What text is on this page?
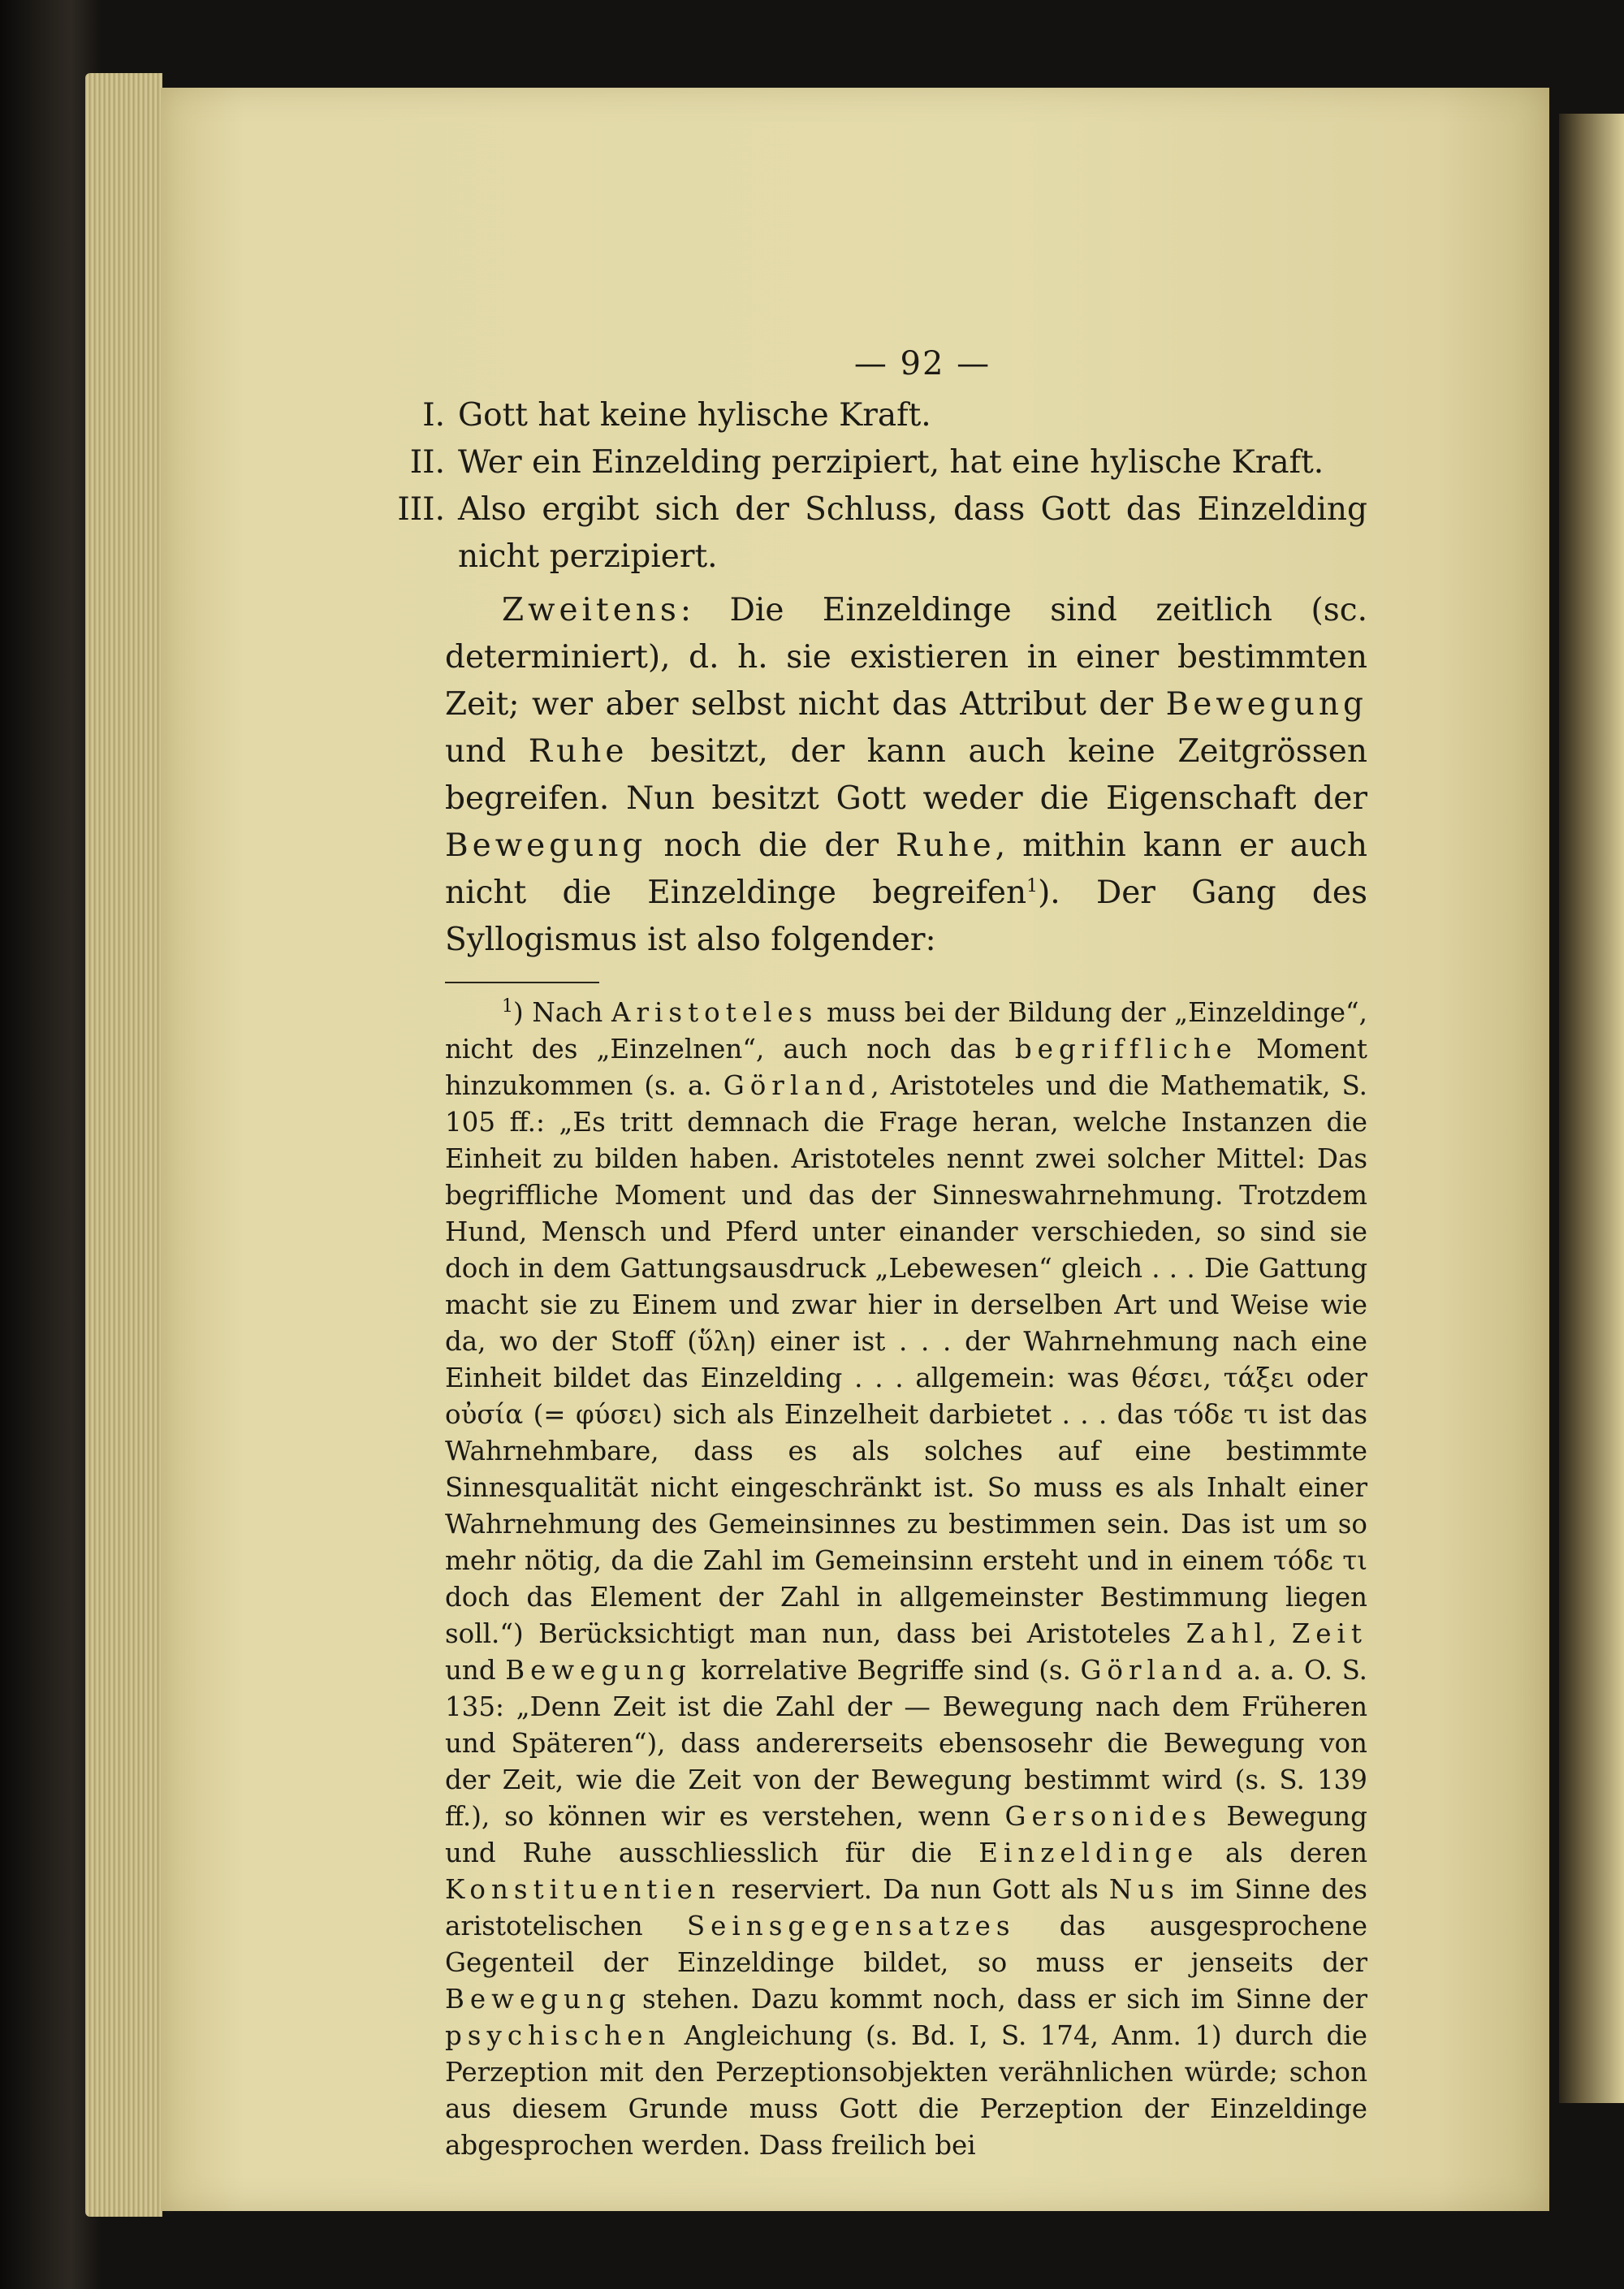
— 92 —
I. Gott hat keine hylische Kraft.
II. Wer ein Einzelding perzipiert, hat eine hylische Kraft.
III. Also ergibt sich der Schluss, dass Gott das Einzelding nicht perzipiert.

Zweitens: Die Einzeldinge sind zeitlich (sc. determiniert), d. h. sie existieren in einer bestimmten Zeit; wer aber selbst nicht das Attribut der Bewegung und Ruhe besitzt, der kann auch keine Zeitgrössen begreifen. Nun besitzt Gott weder die Eigenschaft der Bewegung noch die der Ruhe, mithin kann er auch nicht die Einzeldinge begreifen$^1$). Der Gang des Syllogismus ist also folgender:

$^1$) Nach Aristoteles muss bei der Bildung der „Einzeldinge“, nicht des „Einzelnen“, auch noch das begriffliche Moment hinzukommen (s. a. Görland, Aristoteles und die Mathematik, S. 105 ff.: „Es tritt demnach die Frage heran, welche Instanzen die Einheit zu bilden haben. Aristoteles nennt zwei solcher Mittel: Das begriffliche Moment und das der Sinneswahrnehmung. Trotzdem Hund, Mensch und Pferd unter einander verschieden, so sind sie doch in dem Gattungsausdruck „Lebewesen“ gleich . . . Die Gattung macht sie zu Einem und zwar hier in derselben Art und Weise wie da, wo der Stoff (ὕλη) einer ist . . . der Wahrnehmung nach eine Einheit bildet das Einzelding . . . allgemein: was θέσει, τάξει oder οὐσία (= φύσει) sich als Einzelheit darbietet . . . das τόδε τι ist das Wahrnehmbare, dass es als solches auf eine bestimmte Sinnesqualität nicht eingeschränkt ist. So muss es als Inhalt einer Wahrnehmung des Gemeinsinnes zu bestimmen sein. Das ist um so mehr nötig, da die Zahl im Gemeinsinn ersteht und in einem τόδε τι doch das Element der Zahl in allgemeinster Bestimmung liegen soll.“) Berücksichtigt man nun, dass bei Aristoteles Zahl, Zeit und Bewegung korrelative Begriffe sind (s. Görland a. a. O. S. 135: „Denn Zeit ist die Zahl der — Bewegung nach dem Früheren und Späteren“), dass andererseits ebensosehr die Bewegung von der Zeit, wie die Zeit von der Bewegung bestimmt wird (s. S. 139 ff.), so können wir es verstehen, wenn Gersonides Bewegung und Ruhe ausschliesslich für die Einzeldinge als deren Konstituentien reserviert. Da nun Gott als Nus im Sinne des aristotelischen Seinsgegensatzes das ausgesprochene Gegenteil der Einzeldinge bildet, so muss er jenseits der Bewegung stehen. Dazu kommt noch, dass er sich im Sinne der psychischen Angleichung (s. Bd. I, S. 174, Anm. 1) durch die Perzeption mit den Perzeptionsobjekten verähnlichen würde; schon aus diesem Grunde muss Gott die Perzeption der Einzeldinge abgesprochen werden. Dass freilich bei
